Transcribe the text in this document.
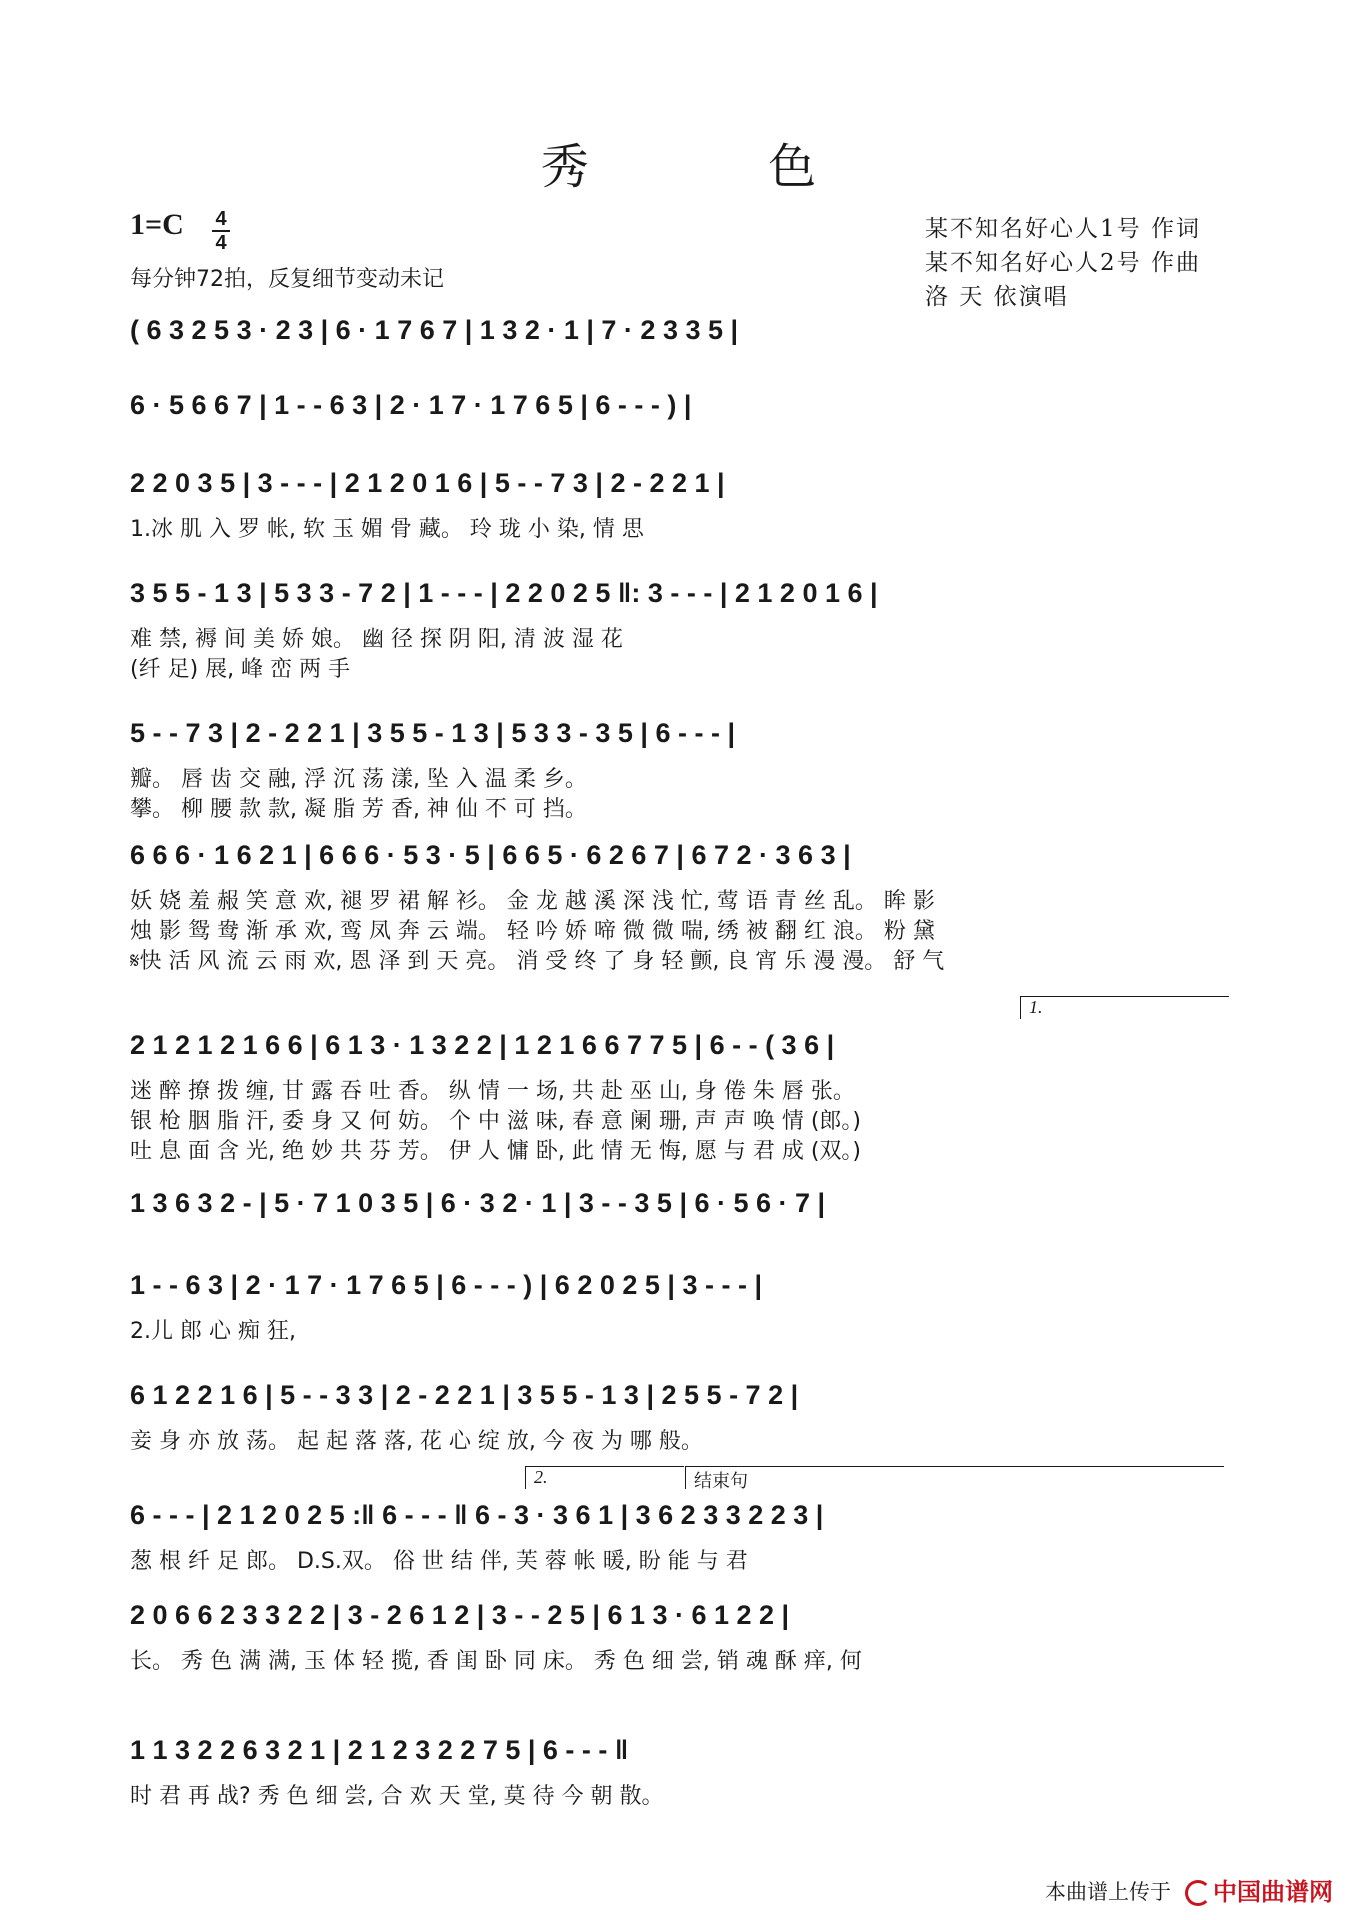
秀 色
1=C 4
4
每分钟72拍，反复细节变动未记
某不知名好心人1号 作词
某不知名好心人2号 作曲
洛 天 依演唱
( 6 3 2 5 3 · 2 3 | 6 · 1 7 6 7 | 1 3 2 · 1 | 7 · 2 3 3 5 |
6 · 5 6 6 7 | 1 - - 6 3 | 2 · 1 7 · 1 7 6 5 | 6 - - - ) |
2 2 0 3 5 | 3 - - - | 2 1 2 0 1 6 | 5 - - 7 3 | 2 - 2 2 1 |
1.冰 肌 入 罗 帐, 软 玉 媚 骨 藏。 玲 珑 小 染, 情 思
3 5 5 - 1 3 | 5 3 3 - 7 2 | 1 - - - | 2 2 0 2 5 ‖: 3 - - - | 2 1 2 0 1 6 |
难 禁, 褥 间 美 娇 娘。 幽 径 探 阴 阳, 清 波 湿 花
(纤 足) 展, 峰 峦 两 手
5 - - 7 3 | 2 - 2 2 1 | 3 5 5 - 1 3 | 5 3 3 - 3 5 | 6 - - - |
瓣。 唇 齿 交 融, 浮 沉 荡 漾, 坠 入 温 柔 乡。
攀。 柳 腰 款 款, 凝 脂 芳 香, 神 仙 不 可 挡。
6 6 6 · 1 6 2 1 | 6 6 6 · 5 3 · 5 | 6 6 5 · 6 2 6 7 | 6 7 2 · 3 6 3 |
妖 娆 羞 赧 笑 意 欢, 褪 罗 裙 解 衫。 金 龙 越 溪 深 浅 忙, 莺 语 青 丝 乱。 眸 影
烛 影 鸳 鸯 渐 承 欢, 鸾 凤 奔 云 端。 轻 吟 娇 啼 微 微 喘, 绣 被 翻 红 浪。 粉 黛
𝄋快 活 风 流 云 雨 欢, 恩 泽 到 天 亮。 消 受 终 了 身 轻 颤, 良 宵 乐 漫 漫。 舒 气
2 1 2 1 2 1 6 6 | 6 1 3 · 1 3 2 2 | 1 2 1 6 6 7 7 5 | 6 - - ( 3 6 |
迷 醉 撩 拨 缠, 甘 露 吞 吐 香。 纵 情 一 场, 共 赴 巫 山, 身 倦 朱 唇 张。
银 枪 胭 脂 汗, 委 身 又 何 妨。 个 中 滋 味, 春 意 阑 珊, 声 声 唤 情 (郎。)
吐 息 面 含 光, 绝 妙 共 芬 芳。 伊 人 慵 卧, 此 情 无 悔, 愿 与 君 成 (双。)
1.
1 3 6 3 2 - | 5 · 7 1 0 3 5 | 6 · 3 2 · 1 | 3 - - 3 5 | 6 · 5 6 · 7 |
1 - - 6 3 | 2 · 1 7 · 1 7 6 5 | 6 - - - ) | 6 2 0 2 5 | 3 - - - |
2.儿 郎 心 痴 狂,
6 1 2 2 1 6 | 5 - - 3 3 | 2 - 2 2 1 | 3 5 5 - 1 3 | 2 5 5 - 7 2 |
妾 身 亦 放 荡。 起 起 落 落, 花 心 绽 放, 今 夜 为 哪 般。
6 - - - | 2 1 2 0 2 5 :‖ 6 - - - ‖ 6 - 3 · 3 6 1 | 3 6 2 3 3 2 2 3 |
葱 根 纤 足 郎。 D.S.双。 俗 世 结 伴, 芙 蓉 帐 暖, 盼 能 与 君
2.	结束句
2 0 6 6 2 3 3 2 2 | 3 - 2 6 1 2 | 3 - - 2 5 | 6 1 3 · 6 1 2 2 |
长。 秀 色 满 满, 玉 体 轻 揽, 香 闺 卧 同 床。 秀 色 细 尝, 销 魂 酥 痒, 何
1 1 3 2 2 6 3 2 1 | 2 1 2 3 2 2 7 5 | 6 - - - ‖
时 君 再 战? 秀 色 细 尝, 合 欢 天 堂, 莫 待 今 朝 散。
本曲谱上传于	中国曲谱网
